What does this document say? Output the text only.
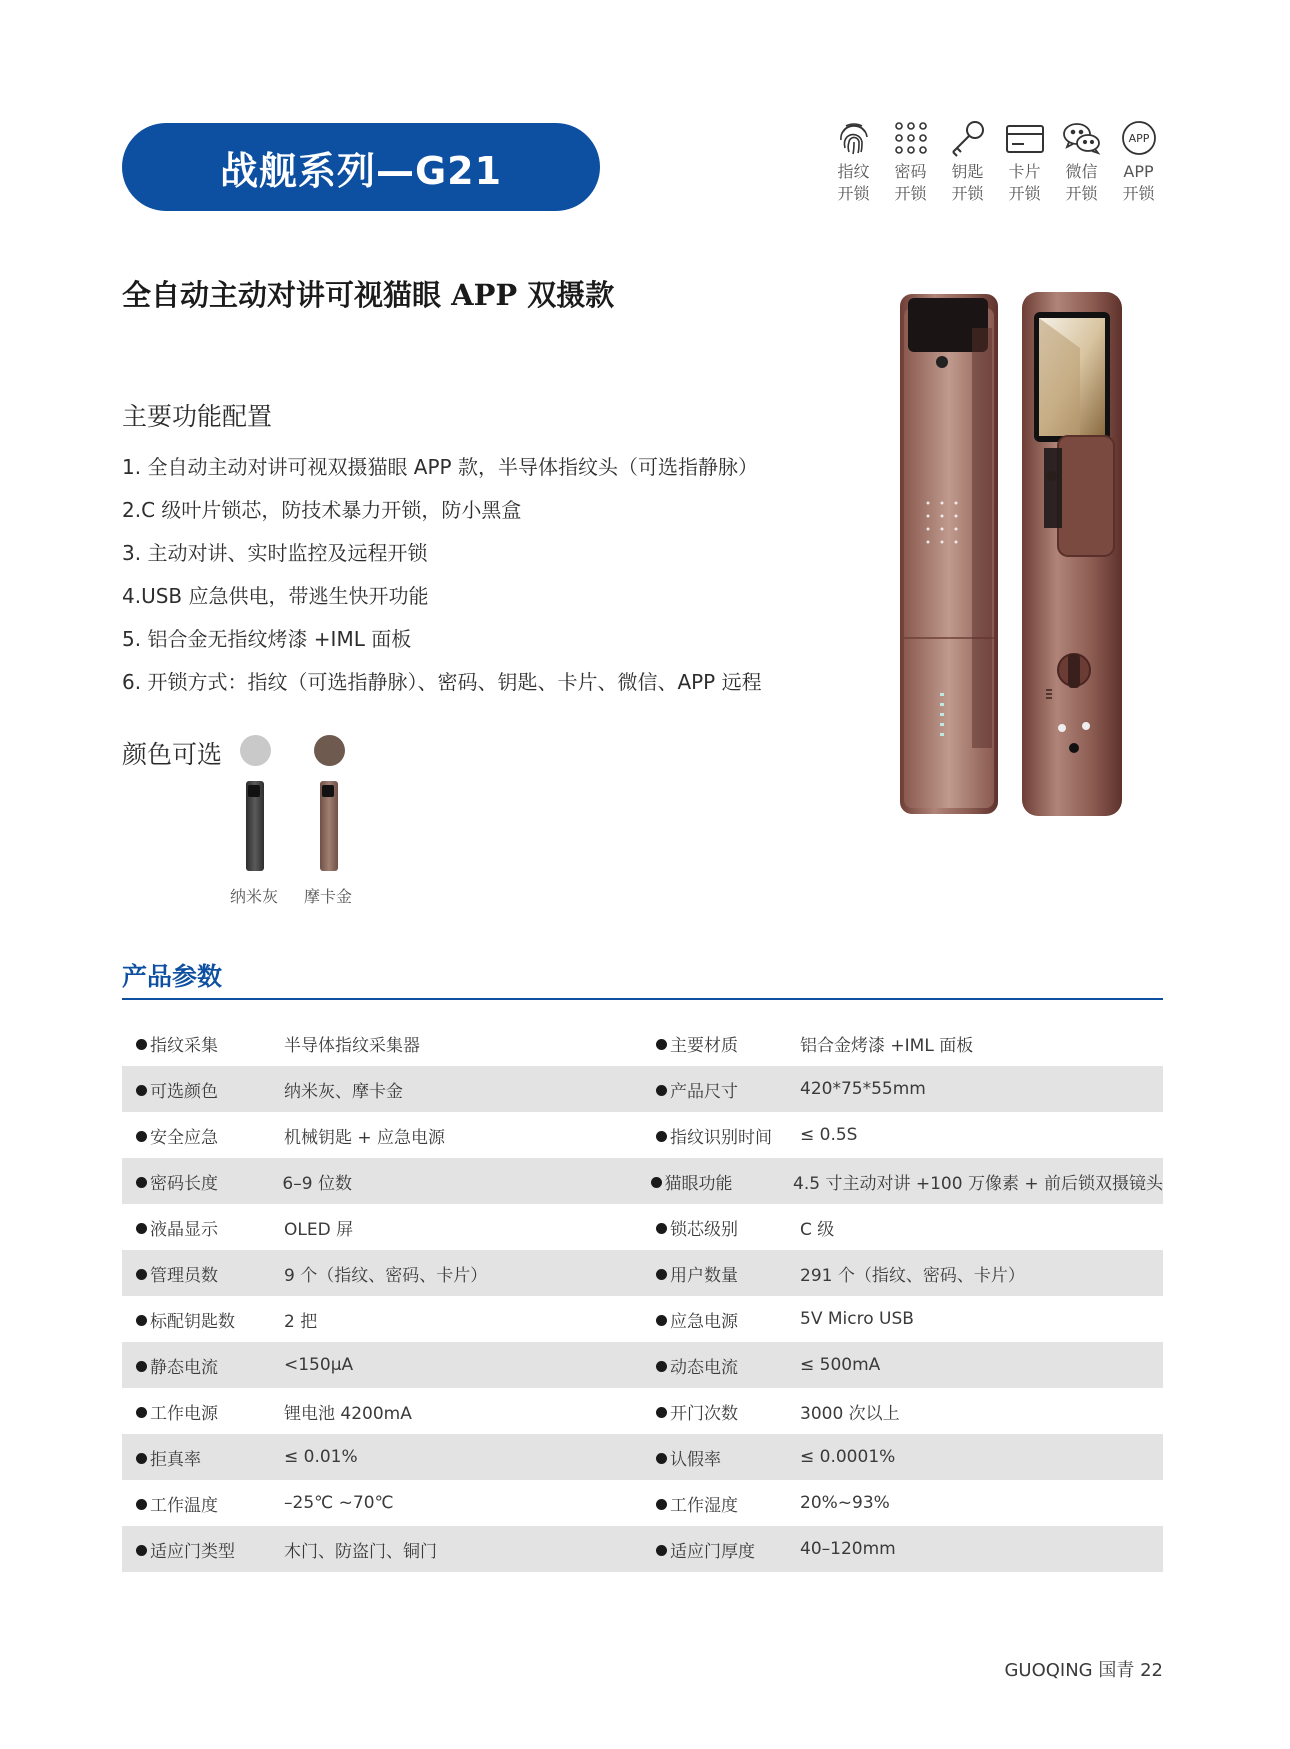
战舰系列—G21	指纹
开锁
密码
开锁
钥匙
开锁
卡片
开锁
微信
开锁
APP
APP
开锁
全自动主动对讲可视猫眼 APP 双摄款
主要功能配置
1. 全自动主动对讲可视双摄猫眼 APP 款，半导体指纹头（可选指静脉）
2.C 级叶片锁芯，防技术暴力开锁，防小黑盒
3. 主动对讲、实时监控及远程开锁
4.USB 应急供电，带逃生快开功能
5. 铝合金无指纹烤漆 +IML 面板
6. 开锁方式：指纹（可选指静脉）、密码、钥匙、卡片、微信、APP 远程
颜色可选
纳米灰 摩卡金
产品参数
指纹采集	半导体指纹采集器	主要材质	铝合金烤漆 +IML 面板
可选颜色	纳米灰、摩卡金	产品尺寸	420*75*55mm
安全应急	机械钥匙 + 应急电源	指纹识别时间	≤ 0.5S
密码长度	6–9 位数	猫眼功能	4.5 寸主动对讲 +100 万像素 + 前后锁双摄镜头
液晶显示	OLED 屏	锁芯级别	C 级
管理员数	9 个（指纹、密码、卡片）	用户数量	291 个（指纹、密码、卡片）
标配钥匙数	2 把	应急电源	5V Micro USB
静态电流	<150μA	动态电流	≤ 500mA
工作电源	锂电池 4200mA	开门次数	3000 次以上
拒真率	≤ 0.01%	认假率	≤ 0.0001%
工作温度	–25℃ ~70℃	工作湿度	20%~93%
适应门类型	木门、防盗门、铜门	适应门厚度	40–120mm
GUOQING 国青 22
